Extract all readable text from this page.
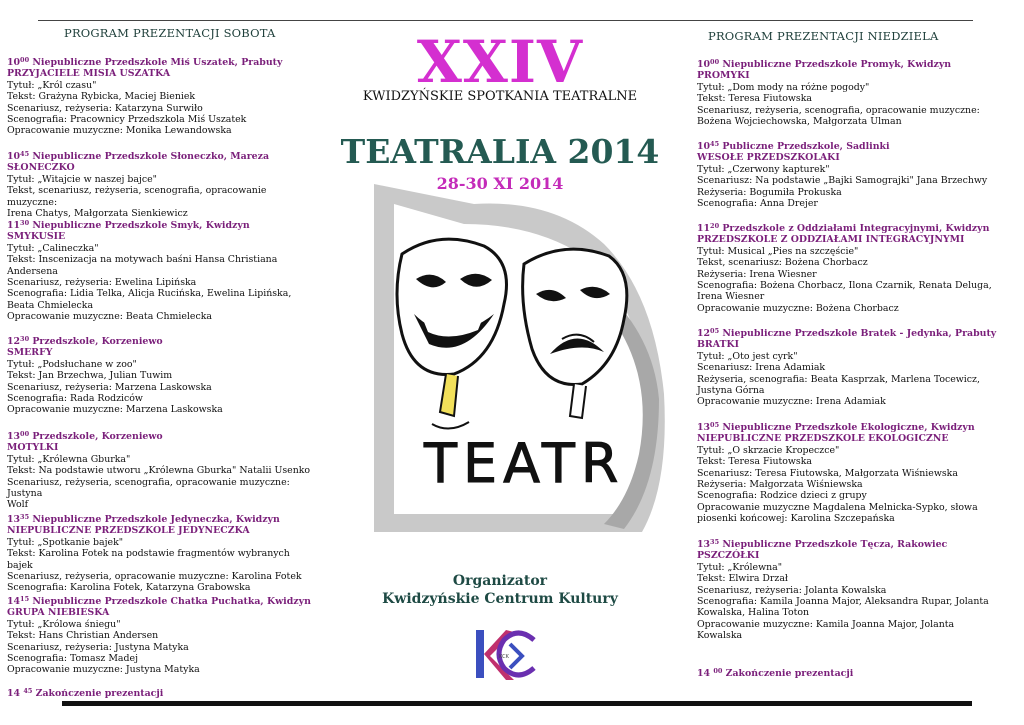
PROGRAM PREZENTACJI SOBOTA
$10^{00}$ Niepubliczne Przedszkole Miś Uszatek, Prabuty
PRZYJACIELE MISIA USZATKA
Tytuł: „Król czasu"
Tekst: Grażyna Rybicka, Maciej Bieniek
Scenariusz, reżyseria: Katarzyna Surwiło
Scenografia: Pracownicy Przedszkola Miś Uszatek
Opracowanie muzyczne: Monika Lewandowska
$10^{45}$ Niepubliczne Przedszkole Słoneczko, Mareza
SŁONECZKO
Tytuł: „Witajcie w naszej bajce"
Tekst, scenariusz, reżyseria, scenografia, opracowanie muzyczne:
Irena Chatys, Małgorzata Sienkiewicz
$11^{30}$ Niepubliczne Przedszkole Smyk, Kwidzyn
SMYKUSIE
Tytuł: „Calineczka"
Tekst: Inscenizacja na motywach baśni Hansa Christiana
Andersena
Scenariusz, reżyseria: Ewelina Lipińska
Scenografia: Lidia Telka, Alicja Rucińska, Ewelina Lipińska,
Beata Chmielecka
Opracowanie muzyczne: Beata Chmielecka
$12^{30}$ Przedszkole, Korzeniewo
SMERFY
Tytuł: „Podsłuchane w zoo"
Tekst: Jan Brzechwa, Julian Tuwim
Scenariusz, reżyseria: Marzena Laskowska
Scenografia: Rada Rodziców
Opracowanie muzyczne: Marzena Laskowska
$13^{00}$ Przedszkole, Korzeniewo
MOTYLKI
Tytuł: „Królewna Gburka"
Tekst: Na podstawie utworu „Królewna Gburka" Natalii Usenko
Scenariusz, reżyseria, scenografia, opracowanie muzyczne: Justyna
Wolf
$13^{35}$ Niepubliczne Przedszkole Jedyneczka, Kwidzyn
NIEPUBLICZNE PRZEDSZKOLE JEDYNECZKA
Tytuł: „Spotkanie bajek"
Tekst: Karolina Fotek na podstawie fragmentów wybranych bajek
Scenariusz, reżyseria, opracowanie muzyczne: Karolina Fotek
Scenografia: Karolina Fotek, Katarzyna Grabowska
$14^{15}$ Niepubliczne Przedszkole Chatka Puchatka, Kwidzyn
GRUPA NIEBIESKA
Tytuł: „Królowa śniegu"
Tekst: Hans Christian Andersen
Scenariusz, reżyseria: Justyna Matyka
Scenografia: Tomasz Madej
Opracowanie muzyczne: Justyna Matyka
14 $^{45}$ Zakończenie prezentacji
XXIV
KWIDZYŃSKIE SPOTKANIA TEATRALNE
TEATRALIA 2014
28-30 XI 2014
Organizator
Kwidzyńskie Centrum Kultury
TEATR
KCK
PROGRAM PREZENTACJI NIEDZIELA
$10^{00}$ Niepubliczne Przedszkole Promyk, Kwidzyn
PROMYKI
Tytuł: „Dom mody na różne pogody"
Tekst: Teresa Fiutowska
Scenariusz, reżyseria, scenografia, opracowanie muzyczne:
Bożena Wojciechowska, Małgorzata Ulman
$10^{45}$ Publiczne Przedszkole, Sadlinki
WESOŁE PRZEDSZKOLAKI
Tytuł: „Czerwony kapturek"
Scenariusz: Na podstawie „Bajki Samograjki" Jana Brzechwy
Reżyseria: Bogumiła Prokuska
Scenografia: Anna Drejer
$11^{20}$ Przedszkole z Oddziałami Integracyjnymi, Kwidzyn
PRZEDSZKOLE Z ODDZIAŁAMI INTEGRACYJNYMI
Tytuł: Musical „Pies na szczęście"
Tekst, scenariusz: Bożena Chorbacz
Reżyseria: Irena Wiesner
Scenografia: Bożena Chorbacz, Ilona Czarnik, Renata Deluga,
Irena Wiesner
Opracowanie muzyczne: Bożena Chorbacz
$12^{05}$ Niepubliczne Przedszkole Bratek - Jedynka, Prabuty
BRATKI
Tytuł: „Oto jest cyrk"
Scenariusz: Irena Adamiak
Reżyseria, scenografia: Beata Kasprzak, Marlena Tocewicz,
Justyna Górna
Opracowanie muzyczne: Irena Adamiak
$13^{05}$ Niepubliczne Przedszkole Ekologiczne, Kwidzyn
NIEPUBLICZNE PRZEDSZKOLE EKOLOGICZNE
Tytuł: „O skrzacie Kropeczce"
Tekst: Teresa Fiutowska
Scenariusz: Teresa Fiutowska, Małgorzata Wiśniewska
Reżyseria: Małgorzata Wiśniewska
Scenografia: Rodzice dzieci z grupy
Opracowanie muzyczne Magdalena Melnicka-Sypko, słowa
piosenki końcowej: Karolina Szczepańska
$13^{35}$ Niepubliczne Przedszkole Tęcza, Rakowiec
PSZCZÓŁKI
Tytuł: „Królewna"
Tekst: Elwira Drzał
Scenariusz, reżyseria: Jolanta Kowalska
Scenografia: Kamila Joanna Major, Aleksandra Rupar, Jolanta
Kowalska, Halina Toton
Opracowanie muzyczne: Kamila Joanna Major, Jolanta
Kowalska
14 $^{00}$ Zakończenie prezentacji
